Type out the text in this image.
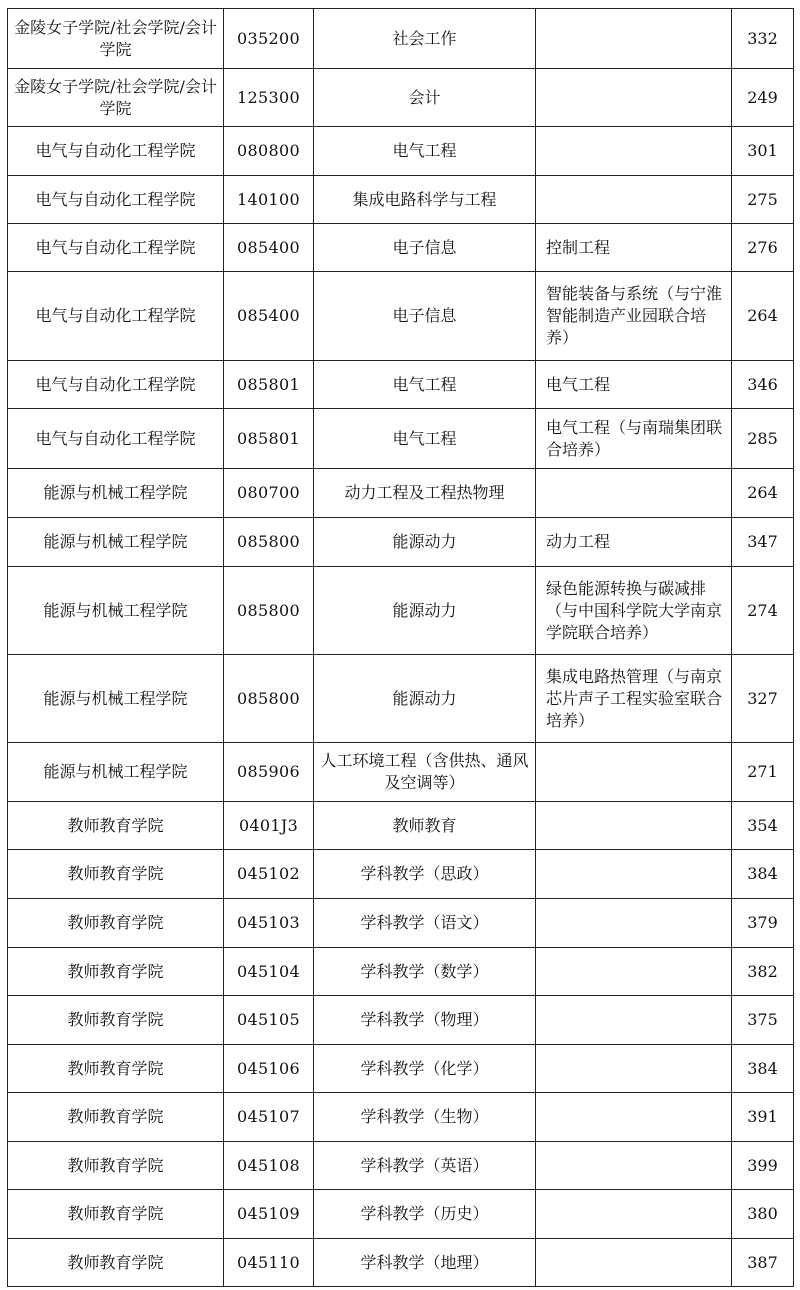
金陵女子学院/社会学院/会计学院	035200	社会工作		332
金陵女子学院/社会学院/会计学院	125300	会计		249
电气与自动化工程学院	080800	电气工程		301
电气与自动化工程学院	140100	集成电路科学与工程		275
电气与自动化工程学院	085400	电子信息	控制工程	276
电气与自动化工程学院	085400	电子信息	智能装备与系统（与宁淮智能制造产业园联合培养）	264
电气与自动化工程学院	085801	电气工程	电气工程	346
电气与自动化工程学院	085801	电气工程	电气工程（与南瑞集团联合培养）	285
能源与机械工程学院	080700	动力工程及工程热物理		264
能源与机械工程学院	085800	能源动力	动力工程	347
能源与机械工程学院	085800	能源动力	绿色能源转换与碳减排（与中国科学院大学南京学院联合培养）	274
能源与机械工程学院	085800	能源动力	集成电路热管理（与南京芯片声子工程实验室联合培养）	327
能源与机械工程学院	085906	人工环境工程（含供热、通风及空调等）		271
教师教育学院	0401J3	教师教育		354
教师教育学院	045102	学科教学（思政）		384
教师教育学院	045103	学科教学（语文）		379
教师教育学院	045104	学科教学（数学）		382
教师教育学院	045105	学科教学（物理）		375
教师教育学院	045106	学科教学（化学）		384
教师教育学院	045107	学科教学（生物）		391
教师教育学院	045108	学科教学（英语）		399
教师教育学院	045109	学科教学（历史）		380
教师教育学院	045110	学科教学（地理）		387
